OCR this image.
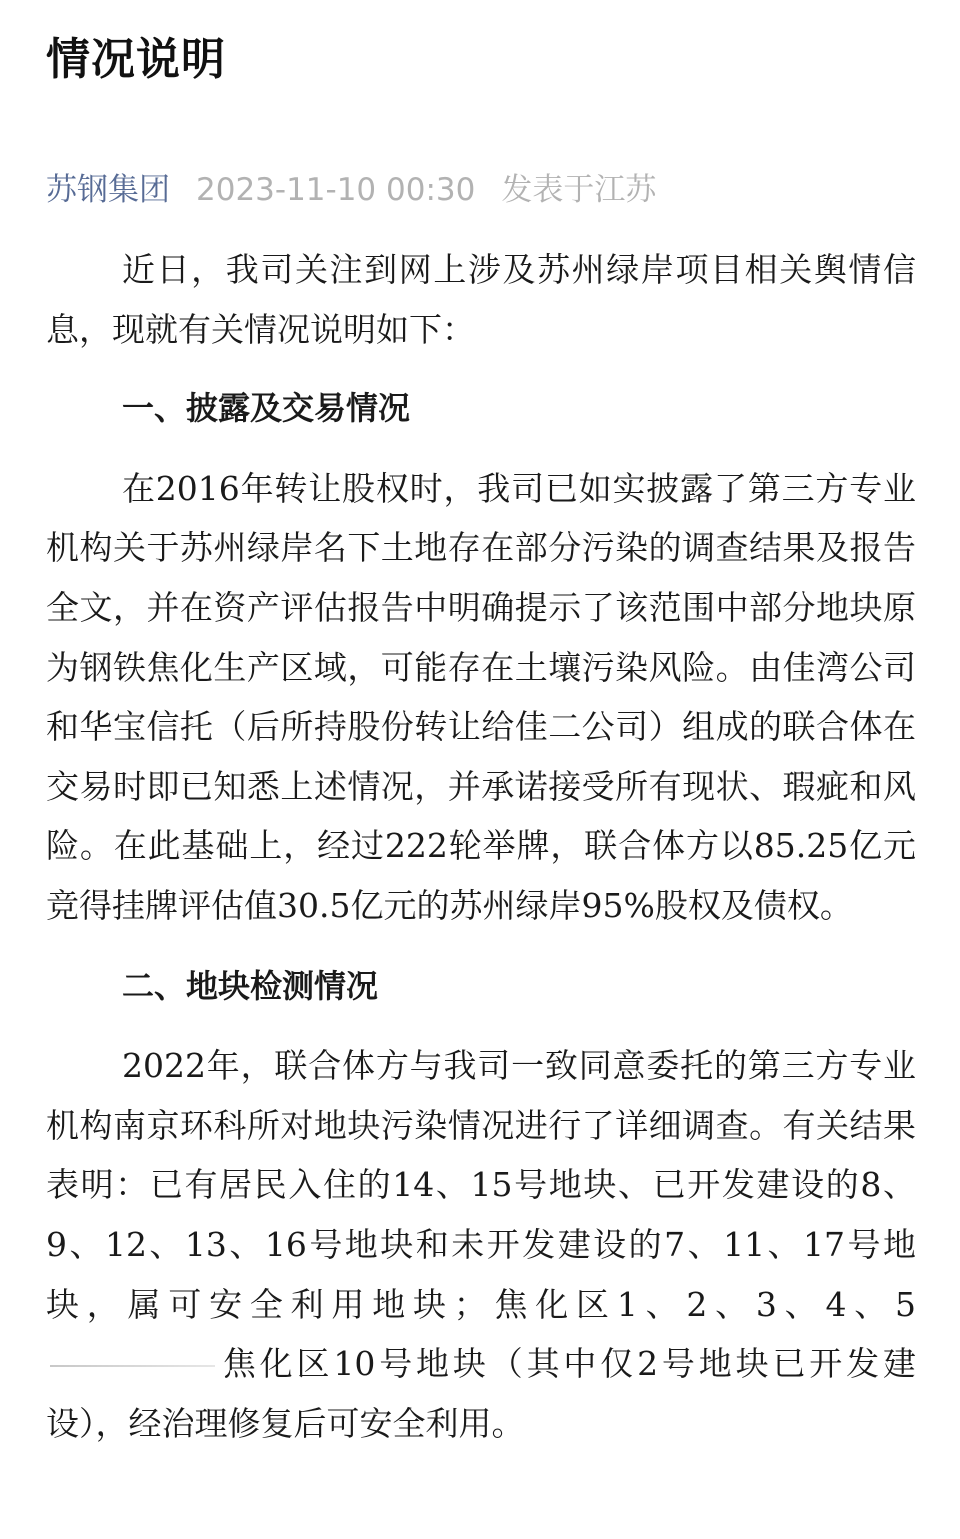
情况说明
苏钢集团 2023-11-10 00:30 发表于江苏

近日，我司关注到网上涉及苏州绿岸项目相关舆情信息，现就有关情况说明如下：

一、披露及交易情况

在2016年转让股权时，我司已如实披露了第三方专业机构关于苏州绿岸名下土地存在部分污染的调查结果及报告全文，并在资产评估报告中明确提示了该范围中部分地块原为钢铁焦化生产区域，可能存在土壤污染风险。由佳湾公司和华宝信托（后所持股份转让给佳二公司）组成的联合体在交易时即已知悉上述情况，并承诺接受所有现状、瑕疵和风险。在此基础上，经过222轮举牌，联合体方以85.25亿元竞得挂牌评估值30.5亿元的苏州绿岸95%股权及债权。

二、地块检测情况

2022年，联合体方与我司一致同意委托的第三方专业机构南京环科所对地块污染情况进行了详细调查。有关结果表明：已有居民入住的14、15号地块、已开发建设的8、9、12、13、16号地块和未开发建设的7、11、17号地块，属可安全利用地块；焦化区1、2、3、4、5焦化区10号地块（其中仅2号地块已开发建设），经治理修复后可安全利用。
